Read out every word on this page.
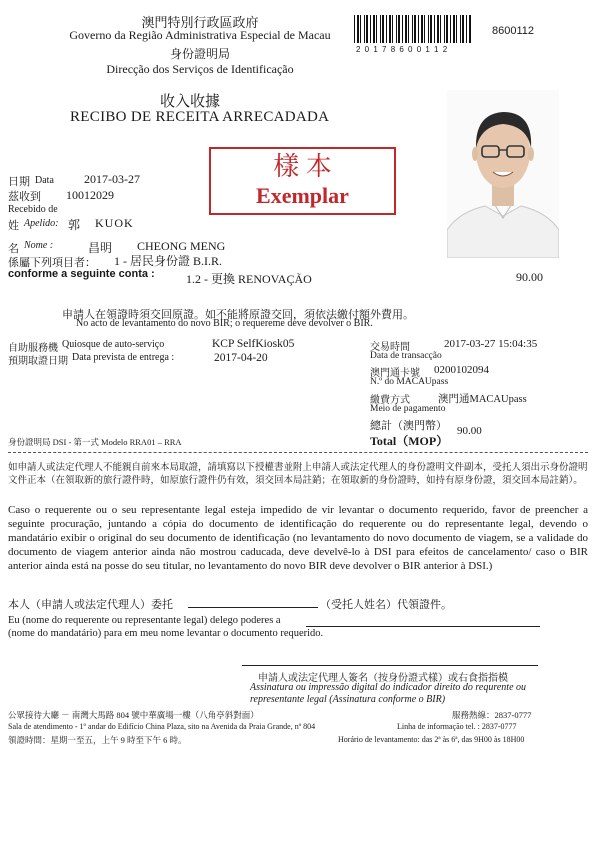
澳門特別行政區政府
Governo da Região Administrativa Especial de Macau
身份證明局
Direcção dos Serviços de Identificação
2 0 1 7 8 6 0 0 1 1 2
8600112
收入收據
RECIBO DE RECEITA ARRECADADA
樣 本
Exemplar
日期 Data	2017-03-27
茲收到 10012029
Recebido de
姓 Apelido: 郭 KUOK
名 Nome :	昌明 CHEONG MENG
係屬下列項目者： 1 - 居民身份證 B.I.R.
conforme a seguinte conta :	1.2 - 更換 RENOVAÇÃO	90.00
申請人在領證時須交回原證。如不能將原證交回，須依法繳付額外費用。
No acto de levantamento do novo BIR; o requereme deve devolver o BIR.
自助服務機 Quiosque de auto-serviço	KCP SelfKiosk05
預期取證日期 Data prevista de entrega :	2017-04-20
交易時間	2017-03-27 15:04:35
Data de transacção
澳門通卡號 0200102094
N.º do MACAUpass
繳費方式	澳門通MACAUpass
Meio de pagamento
總計（澳門幣） 90.00
Total（MOP）
身份證明局 DSI - 第一式 Modelo RRA01 – RRA
如申請人或法定代理人不能親自前來本局取證，請填寫以下授權書並附上申請人或法定代理人的身份證明文件副本，受托人須出示身份證明文件正本（在領取新的旅行證件時，如原旅行證件仍有效，須交回本局註銷；在領取新的身份證時，如持有原身份證，須交回本局註銷）。
Caso o requerente ou o seu representante legal esteja impedido de vir levantar o documento requerido, favor de preencher a seguinte procuração, juntando a cópia do documento de identificação do requerente ou do representante legal, devendo o mandatário exibir o original do seu documento de identificação (no levantamento do novo documento de viagem, se a validade do documento de viagem anterior ainda não mostrou caducada, deve develvê-lo à DSI para efeitos de cancelamento/ caso o BIR anterior ainda está na posse do seu titular, no levantamento do novo BIR deve devolver o BIR anterior à DSI.)
本人（申請人或法定代理人）委托	（受托人姓名）代領證件。
Eu (nome do requerente ou representante legal) delego poderes a
(nome do mandatário) para em meu nome levantar o documento requerido.
申請人或法定代理人簽名（按身份證式樣）或右食指指模
Assinatura ou impressão digital do indicador direito do requrente ou
representante legal (Assinatura conforme o BIR)
公眾接待大廳 － 南灣大馬路 804 號中華廣場一樓（八角亭斜對面）	服務熱線：2837-0777
Sala de atendimento - 1º andar do Edifício China Plaza, sito na Avenida da Praia Grande, nº 804	Linha de informação tel. : 2837-0777
領證時間：星期一至五，上午 9 時至下午 6 時。	Horário de levantamento: das 2ª às 6ª, das 9H00 às 18H00
